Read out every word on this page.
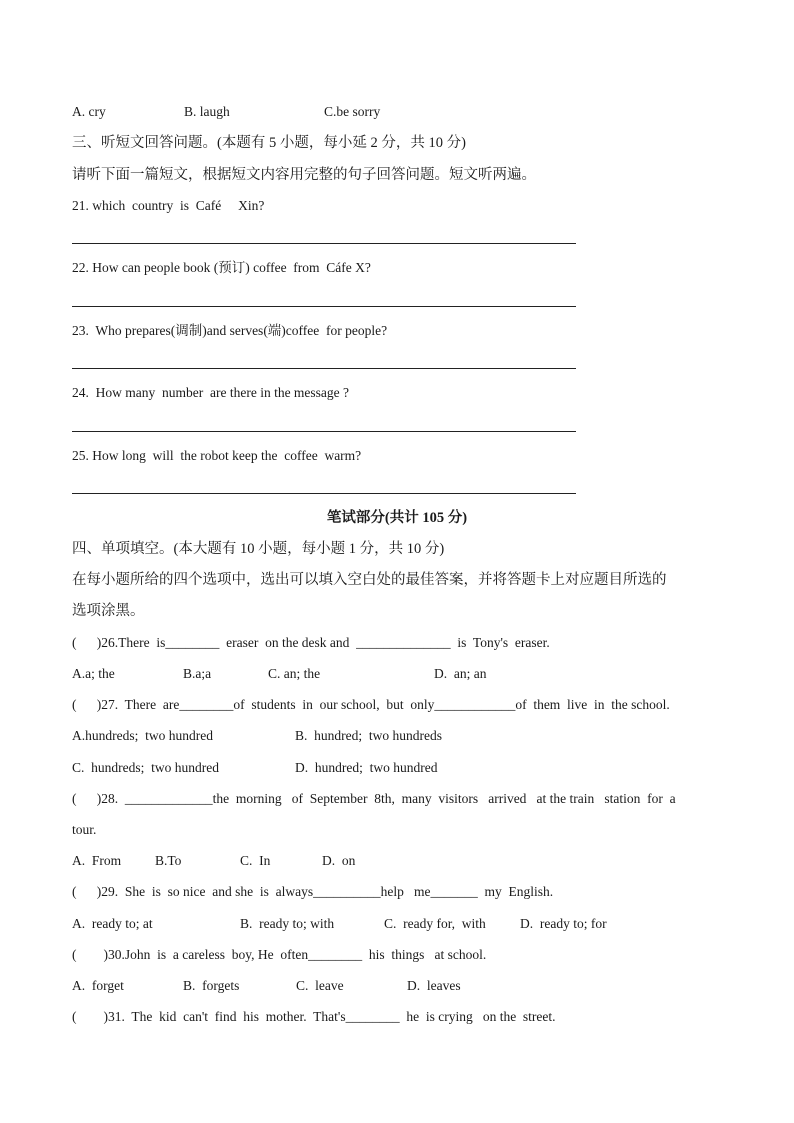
A. cry	B. laugh	C.be sorry
三、听短文回答问题。(本题有 5 小题，每小延 2 分，共 10 分)
请听下面一篇短文，根据短文内容用完整的句子回答问题。短文听两遍。
21. which  country  is  Café     Xin?
22. How can people book (预订) coffee  from  Cáfe X?
23.  Who prepares(调制)and serves(端)coffee  for people?
24.  How many  number  are there in the message ?
25. How long  will  the robot keep the  coffee  warm?
笔试部分(共计 105 分)
四、单项填空。(本大题有 10 小题，每小题 1 分，共 10 分)
在每小题所给的四个选项中，选出可以填入空白处的最佳答案，并将答题卡上对应题目所选的
选项涂黑。
(      )26.There  is________  eraser  on the desk and  ______________  is  Tony's  eraser.
A.a; the	B.a;a	C. an; the	D.  an; an
(      )27.  There  are________of  students  in  our school,  but  only____________of  them  live  in  the school.
A.hundreds;  two hundred	B.  hundred;  two hundreds
C.  hundreds;  two hundred	D.  hundred;  two hundred
(      )28.  _____________the  morning   of  September  8th,  many  visitors   arrived   at the train   station  for  a
tour.
A.  From	B.To	C.  In	D.  on
(      )29.  She  is  so nice  and she  is  always__________help   me_______  my  English.
A.  ready to; at	B.  ready to; with	C.  ready for,  with	D.  ready to; for
(        )30.John  is  a careless  boy, He  often________  his  things   at school.
A.  forget	B.  forgets	C.  leave	D.  leaves
(        )31.  The  kid  can't  find  his  mother.  That's________  he  is crying   on the  street.
